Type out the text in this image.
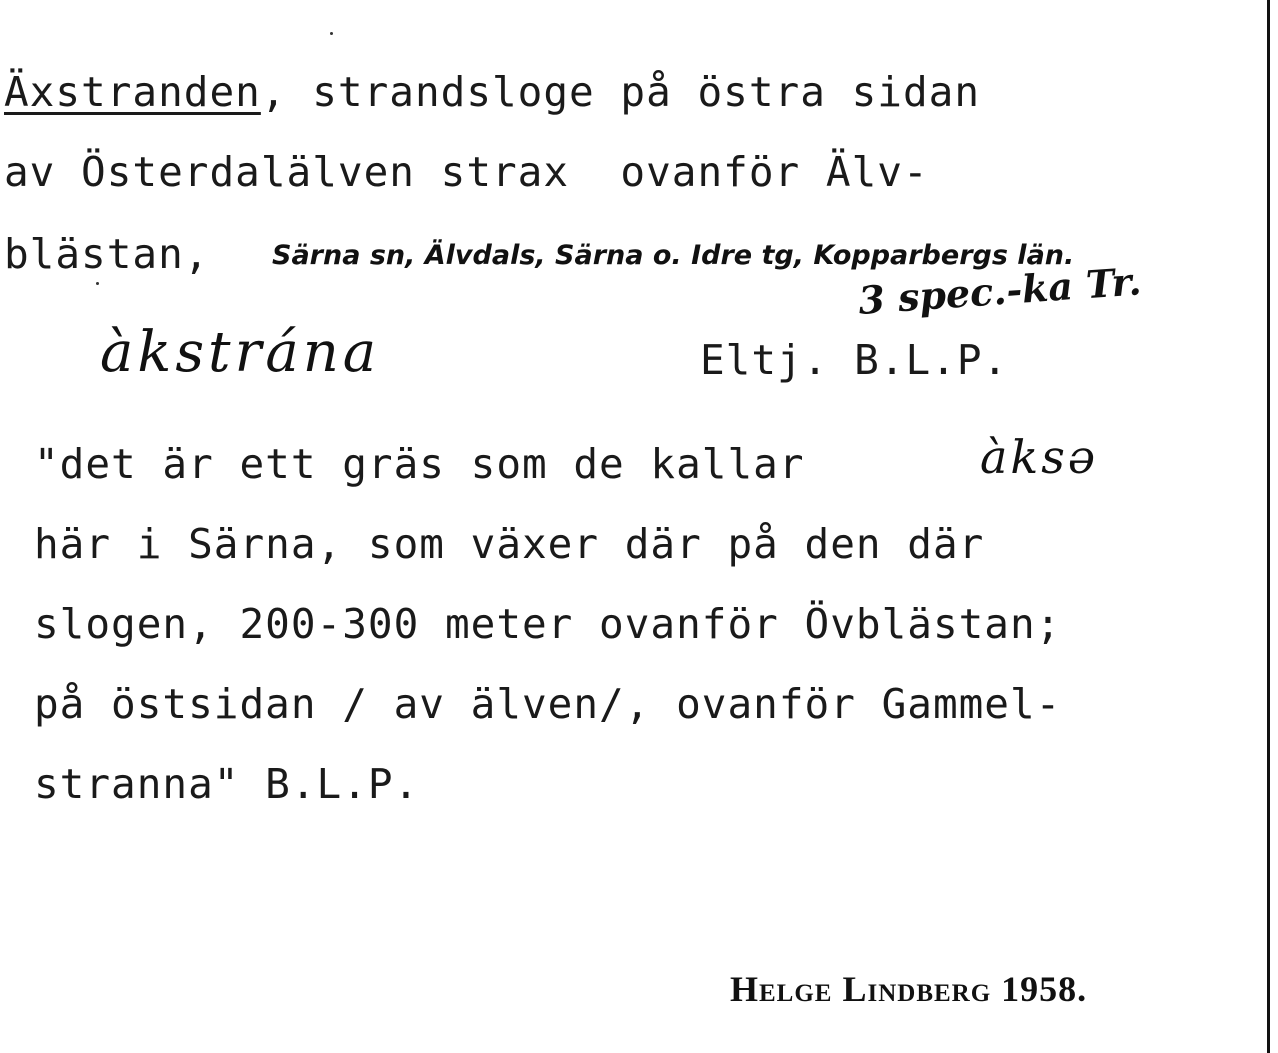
Äxstranden, strandsloge på östra sidan
av Österdalälven strax  ovanför Älv-
blästan, Särna sn, Älvdals, Särna o. Idre tg, Kopparbergs län.
3 spec.-ka Tr.
àkstrána	Eltj. B.L.P.
"det är ett gräs som de kallar	àksə
här i Särna, som växer där på den där
slogen, 200-300 meter ovanför Övblästan;
på östsidan / av älven/, ovanför Gammel-
stranna" B.L.P.
Helge Lindberg 1958.
